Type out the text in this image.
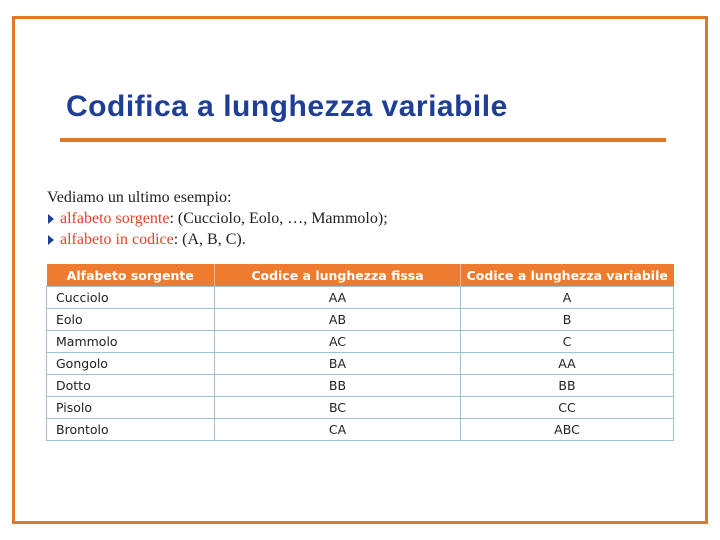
Codifica a lunghezza variabile
Vediamo un ultimo esempio:
alfabeto sorgente : (Cucciolo, Eolo, …, Mammolo);
alfabeto in codice : (A, B, C).
Alfabeto sorgente	Codice a lunghezza fissa	Codice a lunghezza variabile
Cucciolo	AA	A
Eolo	AB	B
Mammolo	AC	C
Gongolo	BA	AA
Dotto	BB	BB
Pisolo	BC	CC
Brontolo	CA	ABC
